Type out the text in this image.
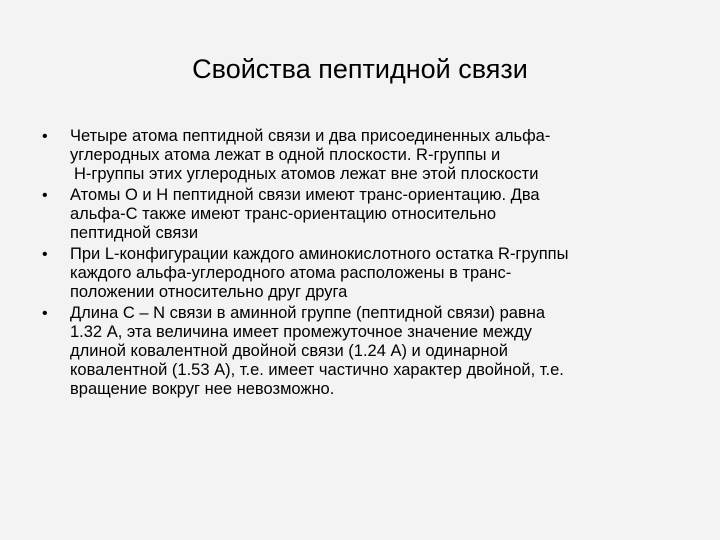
Свойства пептидной связи
• Четыре атома пептидной связи и два присоединенных альфа-
углеродных атома лежат в одной плоскости. R-группы и
H-группы этих углеродных атомов лежат вне этой плоскости
• Атомы О и Н пептидной связи имеют транс-ориентацию. Два
альфа-С также имеют транс-ориентацию относительно
пептидной связи
• При L-конфигурации каждого аминокислотного остатка R-группы
каждого альфа-углеродного атома расположены в транс-
положении относительно друг друга
• Длина С – N связи в аминной группе (пептидной связи) равна
1.32 А, эта величина имеет промежуточное значение между
длиной ковалентной двойной связи (1.24 А) и одинарной
ковалентной (1.53 А), т.е. имеет частично характер двойной, т.е.
вращение вокруг нее невозможно.
